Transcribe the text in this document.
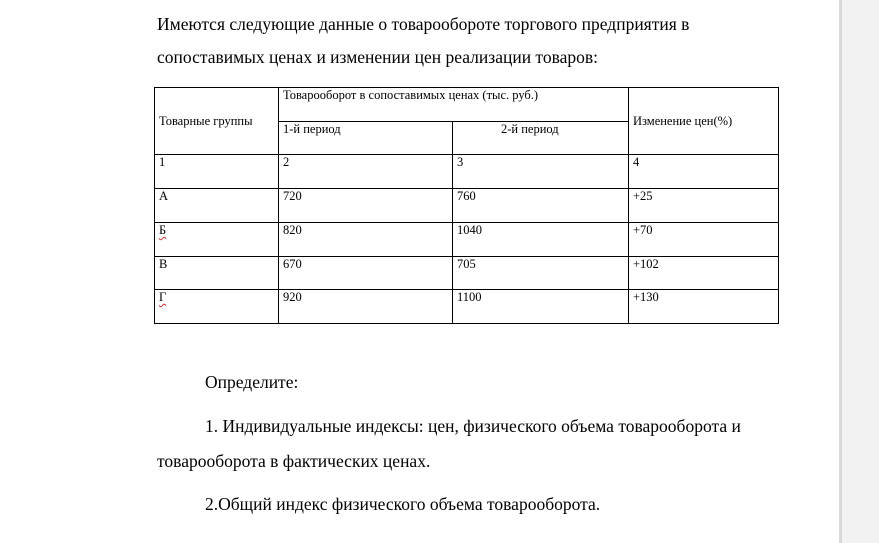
Имеются следующие данные о товарообороте торгового предприятия в
сопоставимых ценах и изменении цен реализации товаров:

Товарные группы	Товарооборот в сопоставимых ценах (тыс. руб.)		Изменение цен(%)
	1-й период	2-й период	
1	2	3	4
А	720	760	+25
Б	820	1040	+70
В	670	705	+102
Г	920	1100	+130

Определите:

1. Индивидуальные индексы: цен, физического объема товарооборота и

товарооборота в фактических ценах.

2.Общий индекс физического объема товарооборота.
